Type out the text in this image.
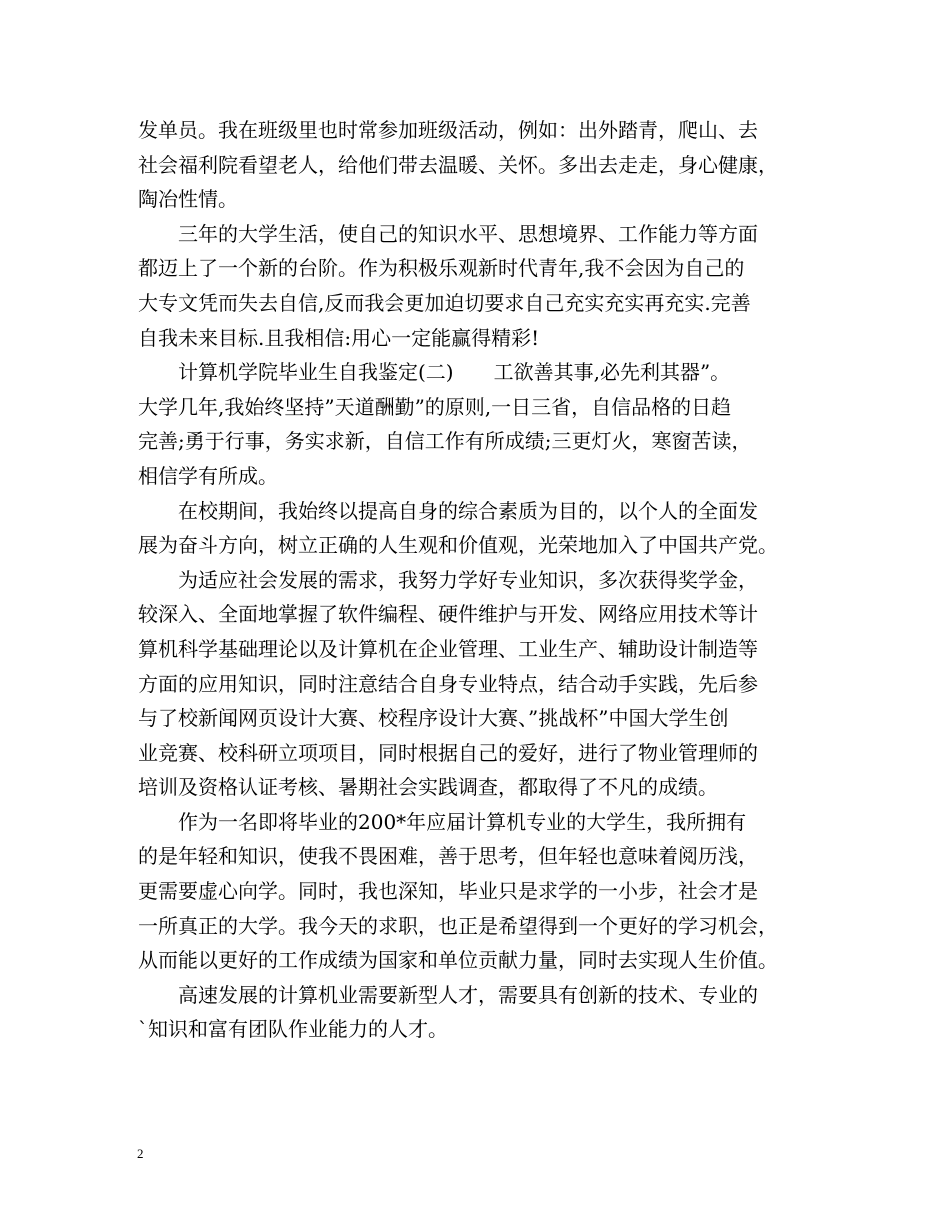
发单员。我在班级里也时常参加班级活动，例如：出外踏青，爬山、去
社会福利院看望老人，给他们带去温暖、关怀。多出去走走，身心健康，
陶冶性情。
　　三年的大学生活，使自己的知识水平、思想境界、工作能力等方面
都迈上了一个新的台阶。作为积极乐观新时代青年,我不会因为自己的
大专文凭而失去自信,反而我会更加迫切要求自己充实充实再充实.完善
自我未来目标.且我相信:用心一定能赢得精彩!
　　计算机学院毕业生自我鉴定(二)　　工欲善其事,必先利其器”。
大学几年,我始终坚持”天道酬勤”的原则,一日三省，自信品格的日趋
完善;勇于行事，务实求新，自信工作有所成绩;三更灯火，寒窗苦读，
相信学有所成。
　　在校期间，我始终以提高自身的综合素质为目的，以个人的全面发
展为奋斗方向，树立正确的人生观和价值观，光荣地加入了中国共产党。
　　为适应社会发展的需求，我努力学好专业知识，多次获得奖学金，
较深入、全面地掌握了软件编程、硬件维护与开发、网络应用技术等计
算机科学基础理论以及计算机在企业管理、工业生产、辅助设计制造等
方面的应用知识，同时注意结合自身专业特点，结合动手实践，先后参
与了校新闻网页设计大赛、校程序设计大赛、”挑战杯”中国大学生创
业竞赛、校科研立项项目，同时根据自己的爱好，进行了物业管理师的
培训及资格认证考核、暑期社会实践调查，都取得了不凡的成绩。
　　作为一名即将毕业的200*年应届计算机专业的大学生，我所拥有
的是年轻和知识，使我不畏困难，善于思考，但年轻也意味着阅历浅，
更需要虚心向学。同时，我也深知，毕业只是求学的一小步，社会才是
一所真正的大学。我今天的求职，也正是希望得到一个更好的学习机会，
从而能以更好的工作成绩为国家和单位贡献力量，同时去实现人生价值。
　　高速发展的计算机业需要新型人才，需要具有创新的技术、专业的
`知识和富有团队作业能力的人才。
2
